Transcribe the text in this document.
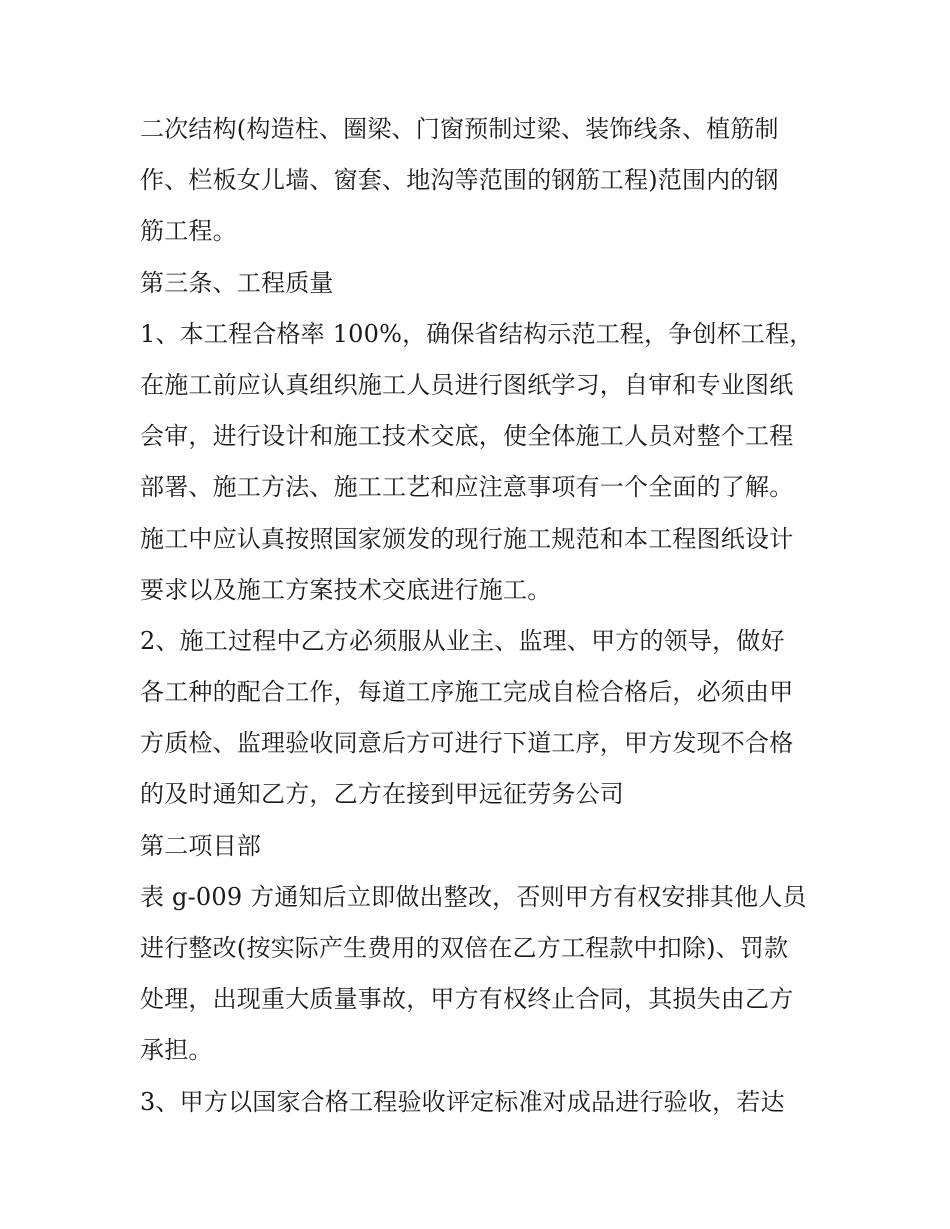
二次结构(构造柱、圈梁、门窗预制过梁、装饰线条、植筋制
作、栏板女儿墙、窗套、地沟等范围的钢筋工程)范围内的钢
筋工程。
第三条、工程质量
1、本工程合格率 100%，确保省结构示范工程，争创杯工程，
在施工前应认真组织施工人员进行图纸学习，自审和专业图纸
会审，进行设计和施工技术交底，使全体施工人员对整个工程
部署、施工方法、施工工艺和应注意事项有一个全面的了解。
施工中应认真按照国家颁发的现行施工规范和本工程图纸设计
要求以及施工方案技术交底进行施工。
2、施工过程中乙方必须服从业主、监理、甲方的领导，做好
各工种的配合工作，每道工序施工完成自检合格后，必须由甲
方质检、监理验收同意后方可进行下道工序，甲方发现不合格
的及时通知乙方，乙方在接到甲远征劳务公司
第二项目部
表 g-009 方通知后立即做出整改，否则甲方有权安排其他人员
进行整改(按实际产生费用的双倍在乙方工程款中扣除)、罚款
处理，出现重大质量事故，甲方有权终止合同，其损失由乙方
承担。
3、甲方以国家合格工程验收评定标准对成品进行验收，若达
